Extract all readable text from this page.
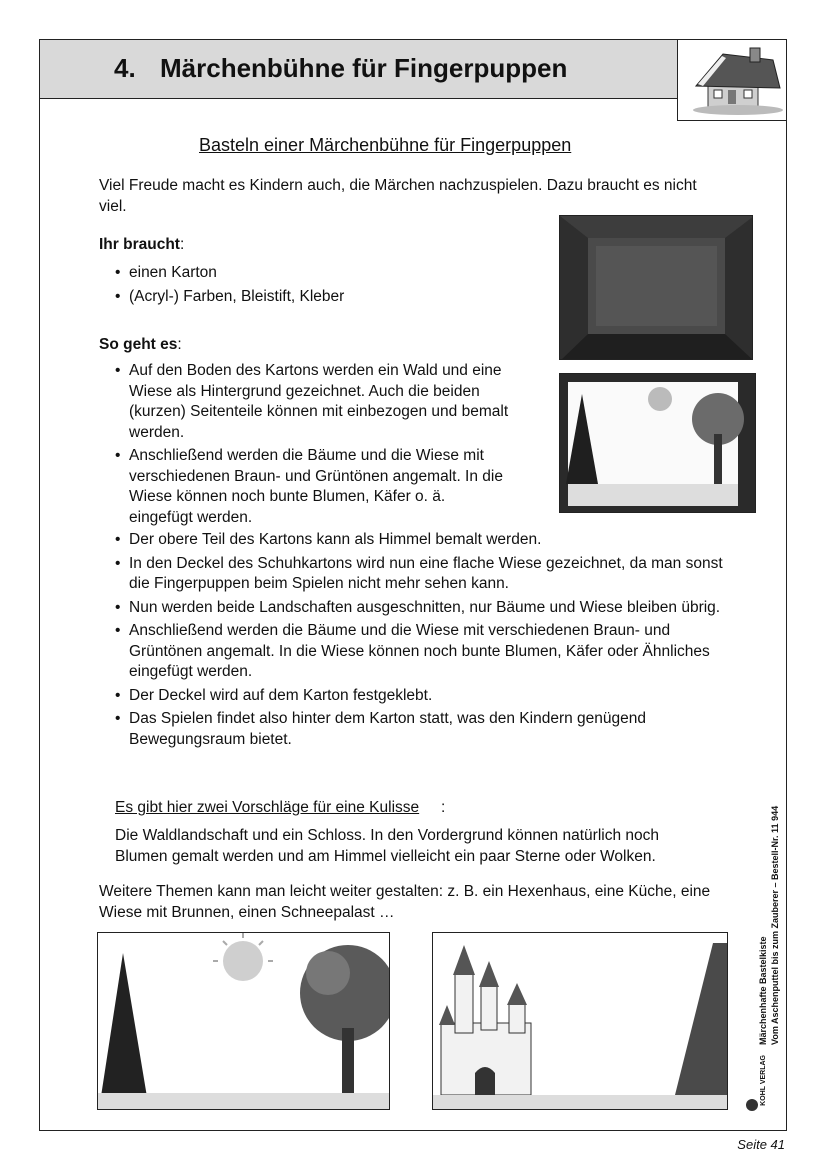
4. Märchenbühne für Fingerpuppen
Basteln einer Märchenbühne für Fingerpuppen

Viel Freude macht es Kindern auch, die Märchen nachzuspielen. Dazu braucht es nicht viel.

Ihr braucht:

• einen Karton
• (Acryl-) Farben, Bleistift, Kleber

So geht es:

• Auf den Boden des Kartons werden ein Wald und eine Wiese als Hintergrund gezeichnet. Auch die beiden (kurzen) Seitenteile können mit einbezogen und bemalt werden.
• Anschließend werden die Bäume und die Wiese mit verschiedenen Braun- und Grüntönen angemalt. In die Wiese können noch bunte Blumen, Käfer o. ä. eingefügt werden.
• Der obere Teil des Kartons kann als Himmel bemalt werden.
• In den Deckel des Schuhkartons wird nun eine flache Wiese gezeichnet, da man sonst die Fingerpuppen beim Spielen nicht mehr sehen kann.
• Nun werden beide Landschaften ausgeschnitten, nur Bäume und Wiese bleiben übrig.
• Anschließend werden die Bäume und die Wiese mit verschiedenen Braun- und Grüntönen angemalt. In die Wiese können noch bunte Blumen, Käfer oder Ähnliches eingefügt werden.
• Der Deckel wird auf dem Karton festgeklebt.
• Das Spielen findet also hinter dem Karton statt, was den Kindern genügend Bewegungsraum bietet.

Es gibt hier zwei Vorschläge für eine Kulisse :

Die Waldlandschaft und ein Schloss. In den Vordergrund können natürlich noch Blumen gemalt werden und am Himmel vielleicht ein paar Sterne oder Wolken.

Weitere Themen kann man leicht weiter gestalten: z. B. ein Hexenhaus, eine Küche, eine Wiese mit Brunnen, einen Schneepalast …

Märchenhafte Bastelkiste Vom Aschenputtel bis zum Zauberer – Bestell-Nr. 11 944
KOHL VERLAG
Seite 41
